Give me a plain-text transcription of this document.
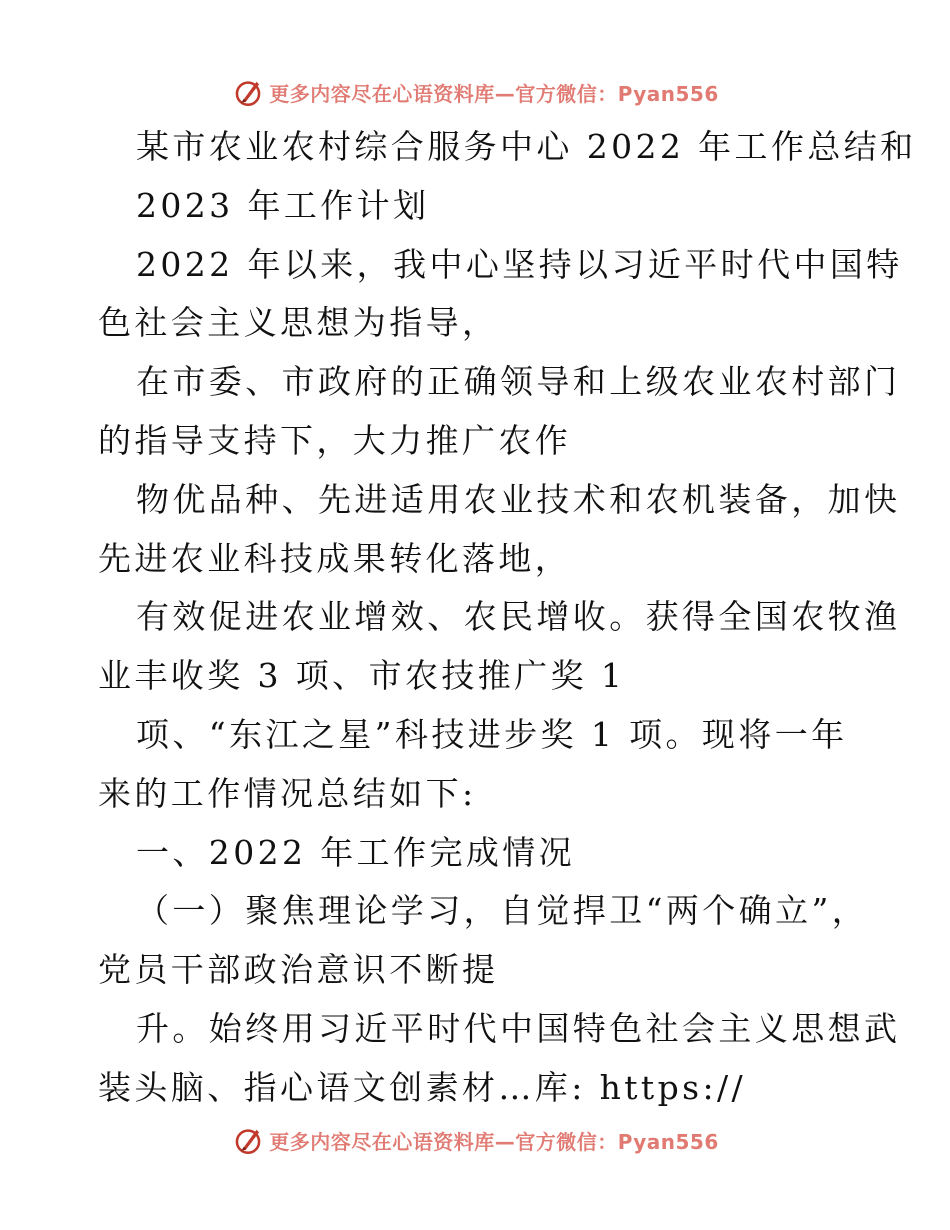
更多内容尽在心语资料库—官方微信：Pyan556
某市农业农村综合服务中心 2022 年工作总结和
2023 年工作计划
2022 年以来，我中心坚持以习近平时代中国特
色社会主义思想为指导，
在市委、市政府的正确领导和上级农业农村部门
的指导支持下，大力推广农作
物优品种、先进适用农业技术和农机装备，加快
先进农业科技成果转化落地，
有效促进农业增效、农民增收。获得全国农牧渔
业丰收奖 3 项、市农技推广奖 1
项、“东江之星”科技进步奖 1 项。现将一年
来的工作情况总结如下:
一、2022 年工作完成情况
（一）聚焦理论学习，自觉捍卫“两个确立”，
党员干部政治意识不断提
升。始终用习近平时代中国特色社会主义思想武
装头脑、指心语文创素材…库: https://
更多内容尽在心语资料库—官方微信：Pyan556
